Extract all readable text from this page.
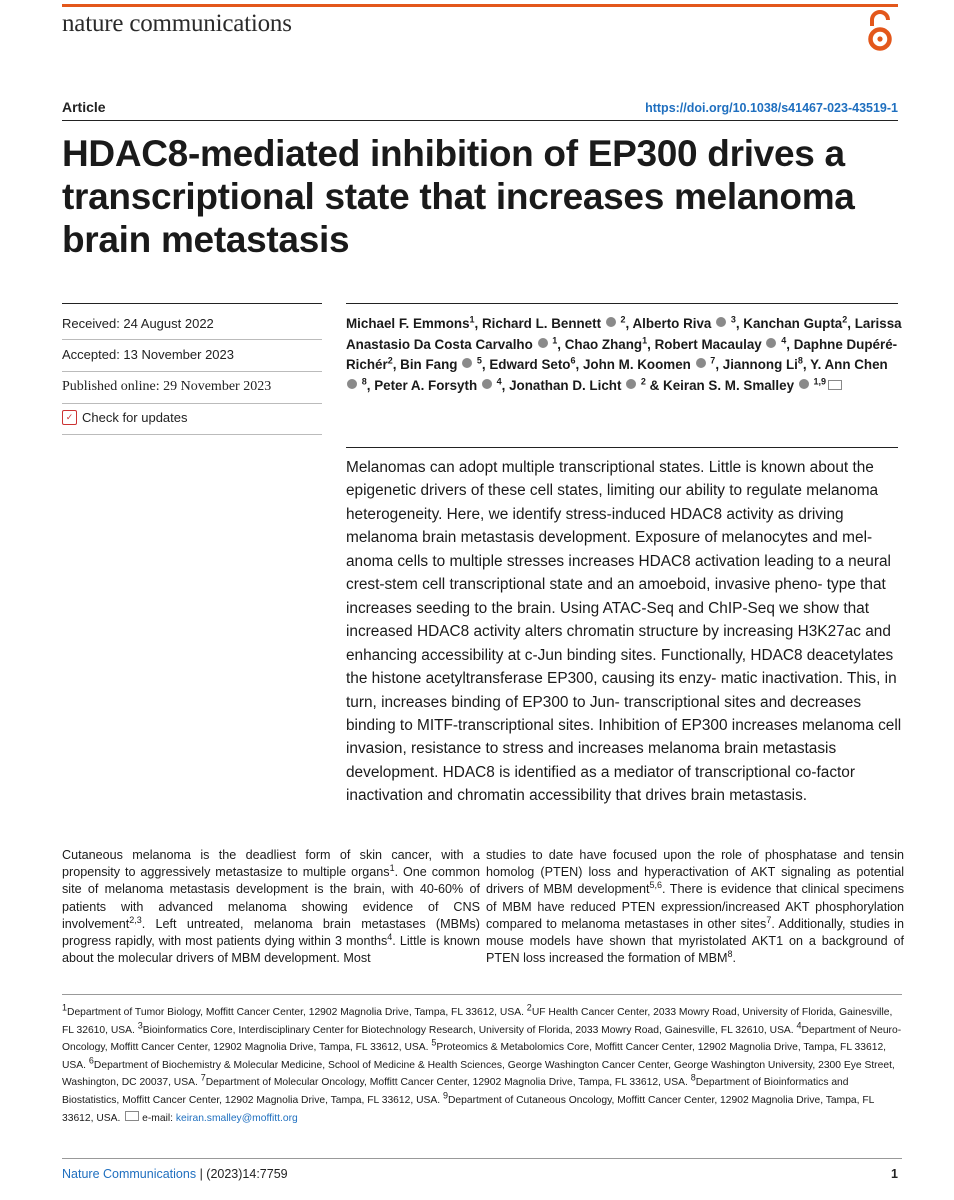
nature communications
Article	https://doi.org/10.1038/s41467-023-43519-1
HDAC8-mediated inhibition of EP300 drives a transcriptional state that increases melanoma brain metastasis
Received: 24 August 2022
Accepted: 13 November 2023
Published online: 29 November 2023
✓ Check for updates
Michael F. Emmons$^1$, Richard L. Bennett $^2$, Alberto Riva $^3$, Kanchan Gupta$^2$, Larissa Anastasio Da Costa Carvalho $^1$, Chao Zhang$^1$, Robert Macaulay $^4$, Daphne Dupéré-Richér$^2$, Bin Fang $^5$, Edward Seto$^6$, John M. Koomen $^7$, Jiannong Li$^8$, Y. Ann Chen  $^8$, Peter A. Forsyth $^4$, Jonathan D. Licht $^2$ & Keiran S. M. Smalley $^{1,9}$

Melanomas can adopt multiple transcriptional states. Little is known about the epigenetic drivers of these cell states, limiting our ability to regulate melanoma heterogeneity. Here, we identify stress-induced HDAC8 activity as driving melanoma brain metastasis development. Exposure of melanocytes and mel- anoma cells to multiple stresses increases HDAC8 activation leading to a neural crest-stem cell transcriptional state and an amoeboid, invasive pheno- type that increases seeding to the brain. Using ATAC-Seq and ChIP-Seq we show that increased HDAC8 activity alters chromatin structure by increasing H3K27ac and enhancing accessibility at c-Jun binding sites. Functionally, HDAC8 deacetylates the histone acetyltransferase EP300, causing its enzy- matic inactivation. This, in turn, increases binding of EP300 to Jun- transcriptional sites and decreases binding to MITF-transcriptional sites. Inhibition of EP300 increases melanoma cell invasion, resistance to stress and increases melanoma brain metastasis development. HDAC8 is identified as a mediator of transcriptional co-factor inactivation and chromatin accessibility that drives brain metastasis.

Cutaneous melanoma is the deadliest form of skin cancer, with a propensity to aggressively metastasize to multiple organs$^1$. One common site of melanoma metastasis development is the brain, with 40-60% of patients with advanced melanoma showing evidence of CNS involvement$^{2,3}$. Left untreated, melanoma brain metastases (MBMs) progress rapidly, with most patients dying within 3 months$^4$. Little is known about the molecular drivers of MBM development. Most

studies to date have focused upon the role of phosphatase and tensin homolog (PTEN) loss and hyperactivation of AKT signaling as potential drivers of MBM development$^{5,6}$. There is evidence that clinical specimens of MBM have reduced PTEN expression/increased AKT phosphorylation compared to melanoma metastases in other sites$^7$. Additionally, studies in mouse models have shown that myristolated AKT1 on a background of PTEN loss increased the formation of MBM$^8$.

$^1$Department of Tumor Biology, Moffitt Cancer Center, 12902 Magnolia Drive, Tampa, FL 33612, USA. $^2$UF Health Cancer Center, 2033 Mowry Road, University of Florida, Gainesville, FL 32610, USA. $^3$Bioinformatics Core, Interdisciplinary Center for Biotechnology Research, University of Florida, 2033 Mowry Road, Gainesville, FL 32610, USA. $^4$Department of Neuro-Oncology, Moffitt Cancer Center, 12902 Magnolia Drive, Tampa, FL 33612, USA. $^5$Proteomics & Metabolomics Core, Moffitt Cancer Center, 12902 Magnolia Drive, Tampa, FL 33612, USA. $^6$Department of Biochemistry & Molecular Medicine, School of Medicine & Health Sciences, George Washington Cancer Center, George Washington University, 2300 Eye Street, Washington, DC 20037, USA. $^7$Department of Molecular Oncology, Moffitt Cancer Center, 12902 Magnolia Drive, Tampa, FL 33612, USA. $^8$Department of Bioinformatics and Biostatistics, Moffitt Cancer Center, 12902 Magnolia Drive, Tampa, FL 33612, USA. $^9$Department of Cutaneous Oncology, Moffitt Cancer Center, 12902 Magnolia Drive, Tampa, FL 33612, USA.  e-mail: keiran.smalley@moffitt.org

Nature Communications | (2023)14:7759	1
